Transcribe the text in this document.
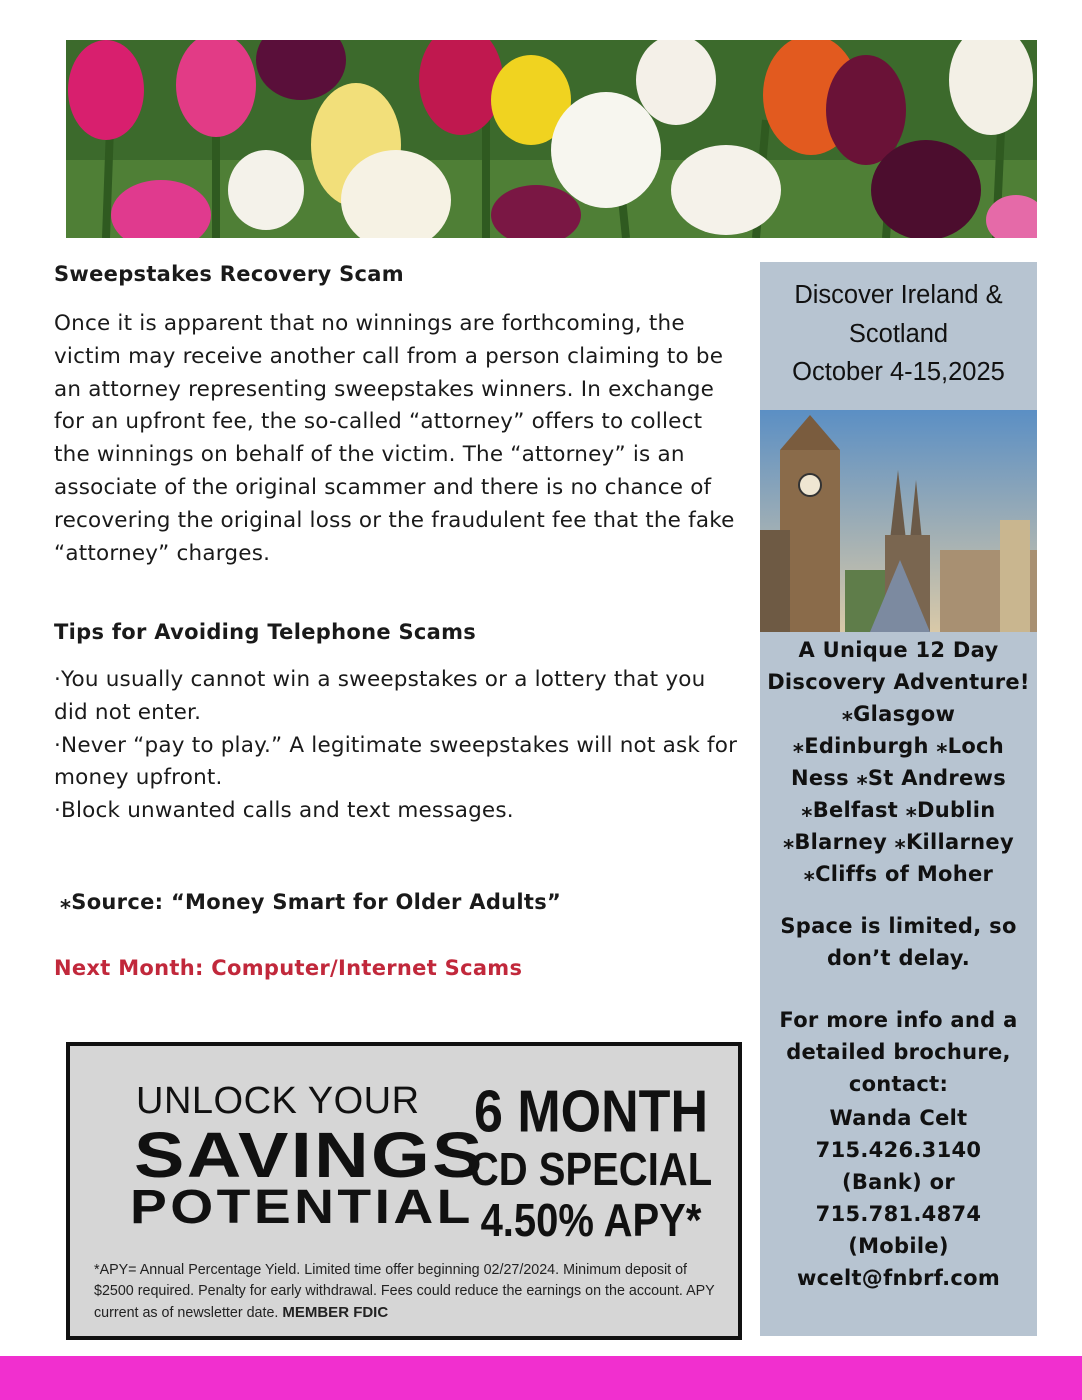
Sweepstakes Recovery Scam

Once it is apparent that no winnings are forthcoming, the victim may receive another call from a person claiming to be an attorney representing sweepstakes winners. In exchange for an upfront fee, the so-called “attorney” offers to collect the winnings on behalf of the victim. The “attorney” is an associate of the original scammer and there is no chance of recovering the original loss or the fraudulent fee that the fake “attorney” charges.

Tips for Avoiding Telephone Scams
·You usually cannot win a sweepstakes or a lottery that you did not enter.
·Never “pay to play.” A legitimate sweepstakes will not ask for money upfront.
·Block unwanted calls and text messages.
⁎Source: “Money Smart for Older Adults”
Next Month: Computer/Internet Scams
UNLOCK YOUR
SAVINGS
POTENTIAL
6 MONTH
CD SPECIAL
4.50% APY*
*APY= Annual Percentage Yield. Limited time offer beginning 02/27/2024. Minimum deposit of $2500 required. Penalty for early withdrawal. Fees could reduce the earnings on the account. APY current as of newsletter date. MEMBER FDIC
Discover Ireland &
Scotland
October 4-15,2025
A Unique 12 Day
Discovery Adventure!
⁎Glasgow
⁎Edinburgh ⁎Loch
Ness ⁎St Andrews
⁎Belfast ⁎Dublin
⁎Blarney ⁎Killarney
⁎Cliffs of Moher
Space is limited, so
don’t delay.
For more info and a
detailed brochure,
contact:
Wanda Celt
715.426.3140
(Bank) or
715.781.4874
(Mobile)
wcelt@fnbrf.com
